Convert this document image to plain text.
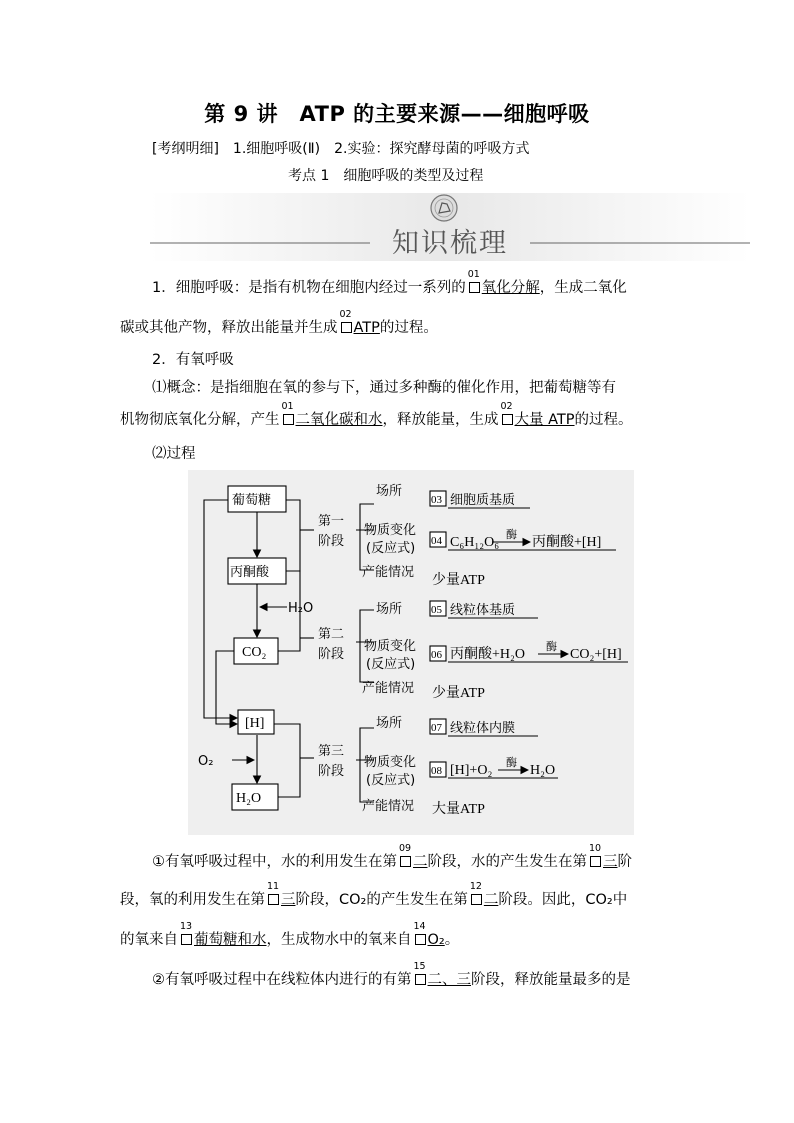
第 9 讲　ATP 的主要来源——细胞呼吸
[考纲明细]　1.细胞呼吸(Ⅱ)　2.实验：探究酵母菌的呼吸方式
考点 1　细胞呼吸的类型及过程
知识梳理
1．细胞呼吸：是指有机物在细胞内经过一系列的
01
氧化分解，生成二氧化
碳或其他产物，释放出能量并生成
02
ATP的过程。
2．有氧呼吸
⑴概念：是指细胞在氧的参与下，通过多种酶的催化作用，把葡萄糖等有
机物彻底氧化分解，产生
01
二氧化碳和水，释放能量，生成
02
大量 ATP的过程。
⑵过程
葡萄糖
丙酮酸
H₂O
O₂
第一
阶段
第二
阶段
第三
阶段
场所
物质变化
(反应式)
产能情况
场所
物质变化
(反应式)
产能情况
场所
物质变化
(反应式)
产能情况
CO₂
[H]
H₂O
03 细胞质基质
04 C₆H₁₂O₆ 酶 丙酮酸+[H]
少量ATP
05 线粒体基质
06 丙酮酸+H₂O 酶 CO₂+[H]
少量ATP
07 线粒体内膜
08 [H]+O₂ 酶 H₂O
大量ATP
①有氧呼吸过程中，水的利用发生在第
09
二阶段，水的产生发生在第
10
三阶
段，氧的利用发生在第
11
三阶段，CO₂的产生发生在第
12
二阶段。因此，CO₂中
的氧来自
13
葡萄糖和水，生成物水中的氧来自
14
O₂。
②有氧呼吸过程中在线粒体内进行的有第
15
二、三阶段，释放能量最多的是
